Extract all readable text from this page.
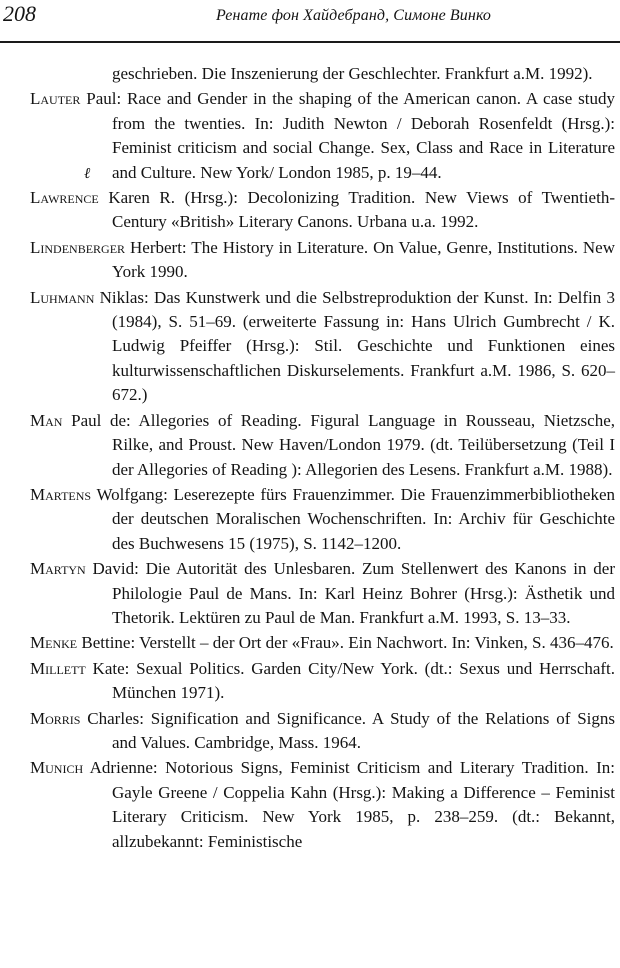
208	Ренате фон Хайдебранд, Симоне Винко
ℓ

geschrieben. Die Inszenierung der Geschlechter. Frankfurt a.M. 1992).

Lauter Paul: Race and Gender in the shaping of the American canon. A case study from the twenties. In: Judith Newton / Deborah Rosenfeldt (Hrsg.): Feminist criticism and social Change. Sex, Class and Race in Literature and Culture. New York/ London 1985, p. 19–44.

Lawrence Karen R. (Hrsg.): Decolonizing Tradition. New Views of Twentieth-Century «British» Literary Canons. Urbana u.a. 1992.

Lindenberger Herbert: The History in Literature. On Value, Genre, Institutions. New York 1990.

Luhmann Niklas: Das Kunstwerk und die Selbstreproduktion der Kunst. In: Delfin 3 (1984), S. 51–69. (erweiterte Fassung in: Hans Ulrich Gumbrecht / K. Ludwig Pfeiffer (Hrsg.): Stil. Geschichte und Funktionen eines kulturwissenschaftlichen Diskurselements. Frankfurt a.M. 1986, S. 620–672.)

Man Paul de: Allegories of Reading. Figural Language in Rousseau, Nietzsche, Rilke, and Proust. New Haven/London 1979. (dt. Teilübersetzung (Teil I der Allegories of Reading ): Allegorien des Lesens. Frankfurt a.M. 1988).

Martens Wolfgang: Leserezepte fürs Frauenzimmer. Die Frauenzimmerbibliotheken der deutschen Moralischen Wochenschriften. In: Archiv für Geschichte des Buchwesens 15 (1975), S. 1142–1200.

Martyn David: Die Autorität des Unlesbaren. Zum Stellenwert des Kanons in der Philologie Paul de Mans. In: Karl Heinz Bohrer (Hrsg.): Ästhetik und Thetorik. Lektüren zu Paul de Man. Frankfurt a.M. 1993, S. 13–33.

Menke Bettine: Verstellt – der Ort der «Frau». Ein Nachwort. In: Vinken, S. 436–476.

Millett Kate: Sexual Politics. Garden City/New York. (dt.: Sexus und Herrschaft. München 1971).

Morris Charles: Signification and Significance. A Study of the Relations of Signs and Values. Cambridge, Mass. 1964.

Munich Adrienne: Notorious Signs, Feminist Criticism and Literary Tradition. In: Gayle Greene / Coppelia Kahn (Hrsg.): Making a Difference – Feminist Literary Criticism. New York 1985, p. 238–259. (dt.: Bekannt, allzubekannt: Feministische
